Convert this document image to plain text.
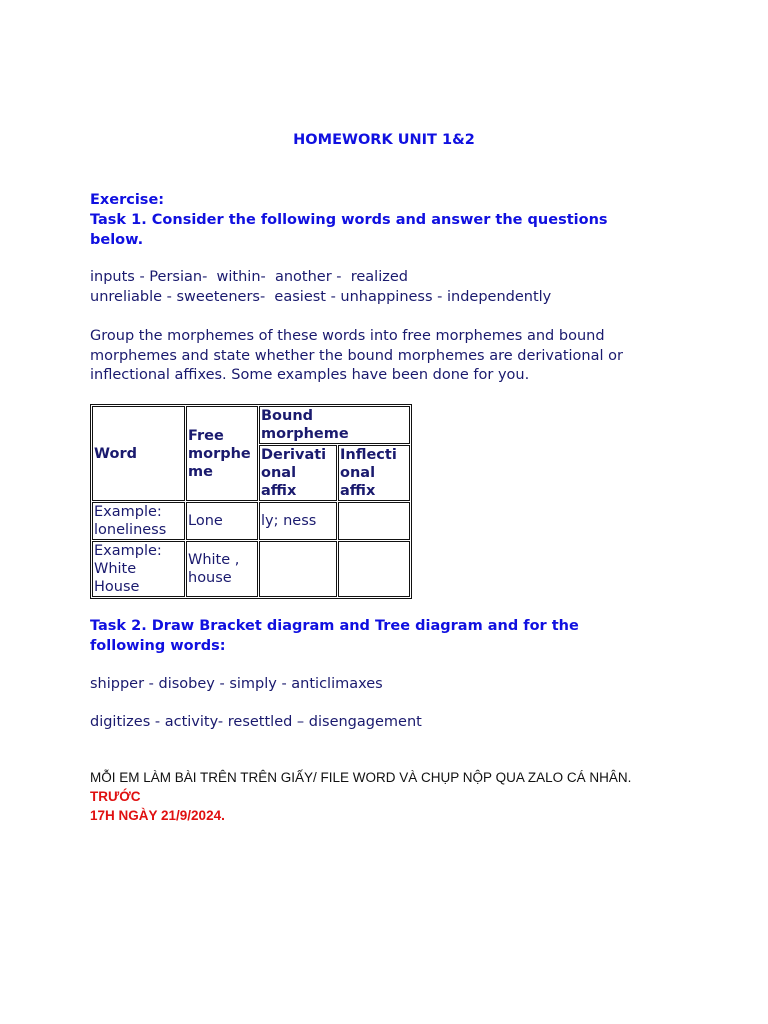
HOMEWORK UNIT 1&2
Exercise:
Task 1. Consider the following words and answer the questions
below.
inputs - Persian-  within-  another -  realized
unreliable - sweeteners-  easiest - unhappiness - independently
Group the morphemes of these words into free morphemes and bound
morphemes and state whether the bound morphemes are derivational or
inflectional affixes. Some examples have been done for you.
Word	Free
morphe
me	Bound
morpheme	

		Derivati
onal
affix	Inflecti
onal
affix

Example:
loneliness	Lone	ly; ness	

Example:
White
House	White ,
house		

Task 2. Draw Bracket diagram and Tree diagram and for the
following words:
shipper - disobey - simply - anticlimaxes
digitizes - activity- resettled – disengagement
MỖI EM LÀM BÀI TRÊN TRÊN GIẤY/ FILE WORD VÀ CHỤP NỘP QUA ZALO CÁ NHÂN. TRƯỚC
17H NGÀY 21/9/2024.
